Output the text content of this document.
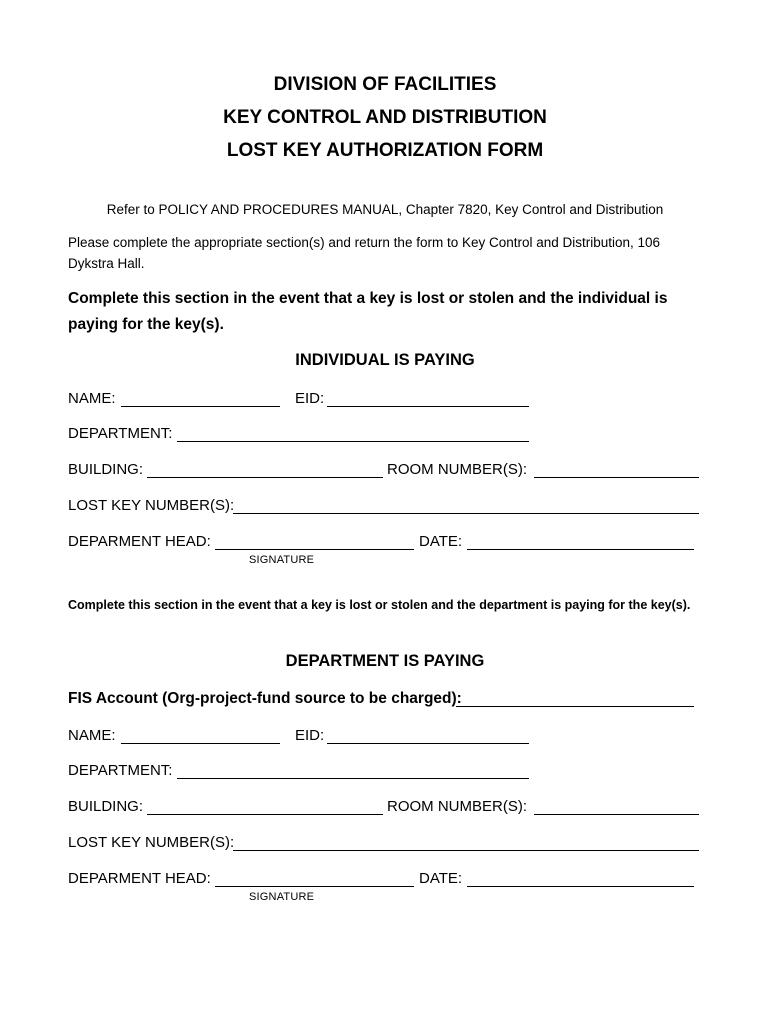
DIVISION OF FACILITIES
KEY CONTROL AND DISTRIBUTION
LOST KEY AUTHORIZATION FORM
Refer to POLICY AND PROCEDURES MANUAL, Chapter 7820, Key Control and Distribution
Please complete the appropriate section(s) and return the form to Key Control and Distribution, 106 Dykstra Hall.
Complete this section in the event that a key is lost or stolen and the individual is paying for the key(s).
INDIVIDUAL IS PAYING
NAME:	EID:
DEPARTMENT:
BUILDING:	ROOM NUMBER(S):
LOST KEY NUMBER(S):
DEPARMENT HEAD:	DATE:
SIGNATURE
Complete this section in the event that a key is lost or stolen and the department is paying for the key(s).
DEPARTMENT IS PAYING
FIS Account (Org-project-fund source to be charged):
NAME:	EID:
DEPARTMENT:
BUILDING:	ROOM NUMBER(S):
LOST KEY NUMBER(S):
DEPARMENT HEAD:	DATE:
SIGNATURE
